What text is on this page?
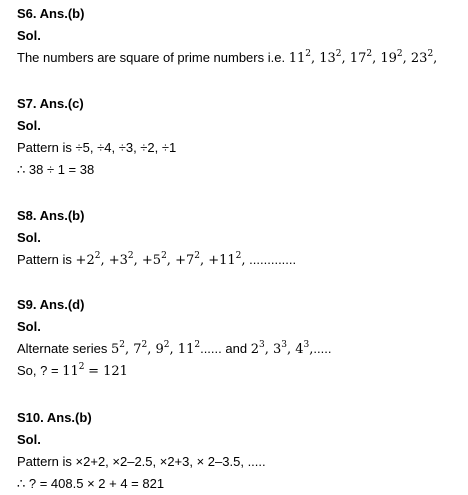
S6. Ans.(b)
Sol.
The numbers are square of prime numbers i.e. $11^2$, $13^2$, $17^2$, $19^2$, $23^2$,
S7. Ans.(c)
Sol.
Pattern is ÷5, ÷4, ÷3, ÷2, ÷1
∴ 38 ÷ 1 = 38
S8. Ans.(b)
Sol.
Pattern is $+2^2$, $+3^2$, $+5^2$, $+7^2$, $+11^2$, .............
S9. Ans.(d)
Sol.
Alternate series $5^2$, $7^2$, $9^2$, $11^2$...... and $2^3$, $3^3$, $4^3$,.....
So, ? = $11^2 = 121$
S10. Ans.(b)
Sol.
Pattern is ×2+2, ×2–2.5, ×2+3, × 2–3.5, .....
∴ ? = 408.5 × 2 + 4 = 821
